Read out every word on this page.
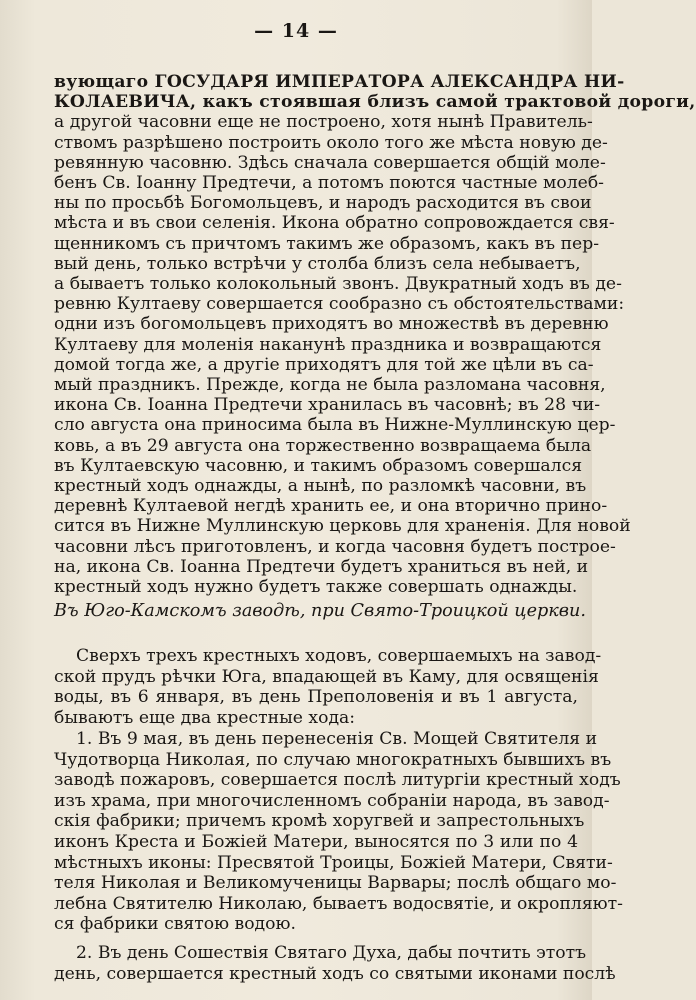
— 14 —
вующаго ГОСУДАРЯ ИМПЕРАТОРА АЛЕКСАНДРА НИ-
КОЛАЕВИЧА, какъ стоявшая близъ самой трактовой дороги,
а другой часовни еще не построено, хотя нынѣ Правитель-
ствомъ разрѣшено построить около того же мѣста новую де-
ревянную часовню. Здѣсь сначала совершается общій моле-
бенъ Св. Іоанну Предтечи, а потомъ поются частные молеб-
ны по просьбѣ Богомольцевъ, и народъ расходится въ свои
мѣста и въ свои селенія. Икона обратно сопровождается свя-
щенникомъ съ причтомъ такимъ же образомъ, какъ въ пер-
вый день, только встрѣчи у столба близъ села небываетъ,
а бываетъ только колокольный звонъ. Двукратный ходъ въ де-
ревню Култаеву совершается сообразно съ обстоятельствами:
одни изъ богомольцевъ приходятъ во множествѣ въ деревню
Култаеву для моленія наканунѣ праздника и возвращаются
домой тогда же, а другіе приходятъ для той же цѣли въ са-
мый праздникъ. Прежде, когда не была разломана часовня,
икона Св. Іоанна Предтечи хранилась въ часовнѣ; въ 28 чи-
сло августа она приносима была въ Нижне-Муллинскую цер-
ковь, а въ 29 августа она торжественно возвращаема была
въ Култаевскую часовню, и такимъ образомъ совершался
крестный ходъ однажды, а нынѣ, по разломкѣ часовни, въ
деревнѣ Култаевой негдѣ хранить ее, и она вторично прино-
сится въ Нижне Муллинскую церковь для храненія. Для новой
часовни лѣсъ приготовленъ, и когда часовня будетъ построе-
на, икона Св. Іоанна Предтечи будетъ храниться въ ней, и
крестный ходъ нужно будетъ также совершать однажды.
Въ Юго-Камскомъ заводѣ, при Свято-Троицкой церкви.
Сверхъ трехъ крестныхъ ходовъ, совершаемыхъ на завод-
ской прудъ рѣчки Юга, впадающей въ Каму, для освященія
воды, въ 6 января, въ день Преполовенія и въ 1 августа,
бываютъ еще два крестные хода:
1. Въ 9 мая, въ день перенесенія Св. Мощей Святителя и
Чудотворца Николая, по случаю многократныхъ бывшихъ въ
заводѣ пожаровъ, совершается послѣ литургіи крестный ходъ
изъ храма, при многочисленномъ собраніи народа, въ завод-
скія фабрики; причемъ кромѣ хоругвей и запрестольныхъ
иконъ Креста и Божіей Матери, выносятся по 3 или по 4
мѣстныхъ иконы: Пресвятой Троицы, Божіей Матери, Святи-
теля Николая и Великомученицы Варвары; послѣ общаго мо-
лебна Святителю Николаю, бываетъ водосвятіе, и окропляют-
ся фабрики святою водою.
2. Въ день Сошествія Святаго Духа, дабы почтить этотъ
день, совершается крестный ходъ со святыми иконами послѣ
